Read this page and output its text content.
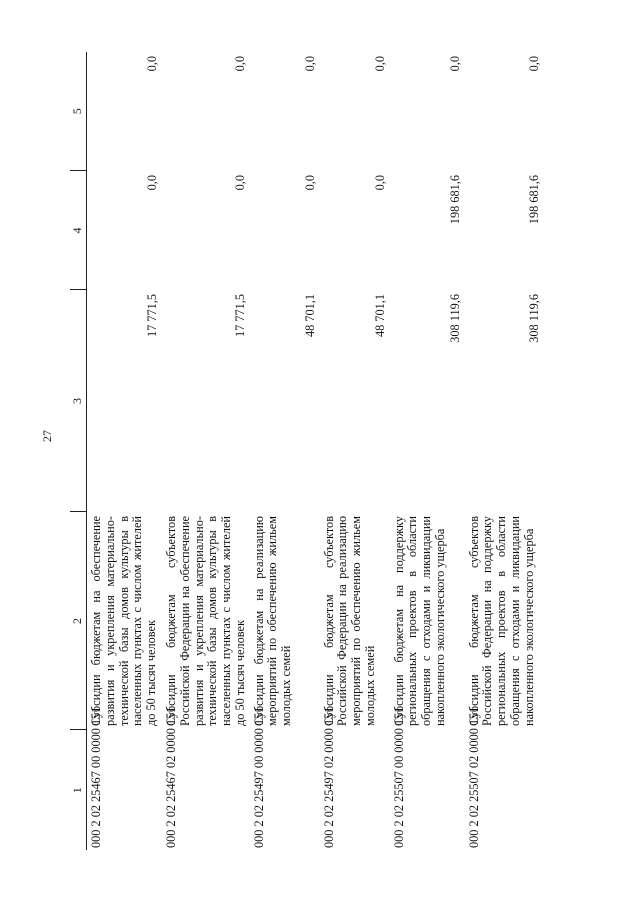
27
1	2	3	4	5
000 2 02 25467 00 0000 151	Субсидии бюджетам на обеспечение развития и укрепления материально-технической базы домов культуры в населенных пунктах с числом жителей до 50 тысяч человек	17 771,5	0,0	0,0
000 2 02 25467 02 0000 151	Субсидии бюджетам субъектов Российской Федерации на обеспечение развития и укрепления материально-технической базы домов культуры в населенных пунктах с числом жителей до 50 тысяч человек	17 771,5	0,0	0,0
000 2 02 25497 00 0000 151	Субсидии бюджетам на реализацию мероприятий по обеспечению жильем молодых семей	48 701,1	0,0	0,0
000 2 02 25497 02 0000 151	Субсидии бюджетам субъектов Российской Федерации на реализацию мероприятий по обеспечению жильем молодых семей	48 701,1	0,0	0,0
000 2 02 25507 00 0000 151	Субсидии бюджетам на поддержку региональных проектов в области обращения с отходами и ликвидации накопленного экологического ущерба	308 119,6	198 681,6	0,0
000 2 02 25507 02 0000 151	Субсидии бюджетам субъектов Российской Федерации на поддержку региональных проектов в области обращения с отходами и ликвидации накопленного экологического ущерба	308 119,6	198 681,6	0,0
